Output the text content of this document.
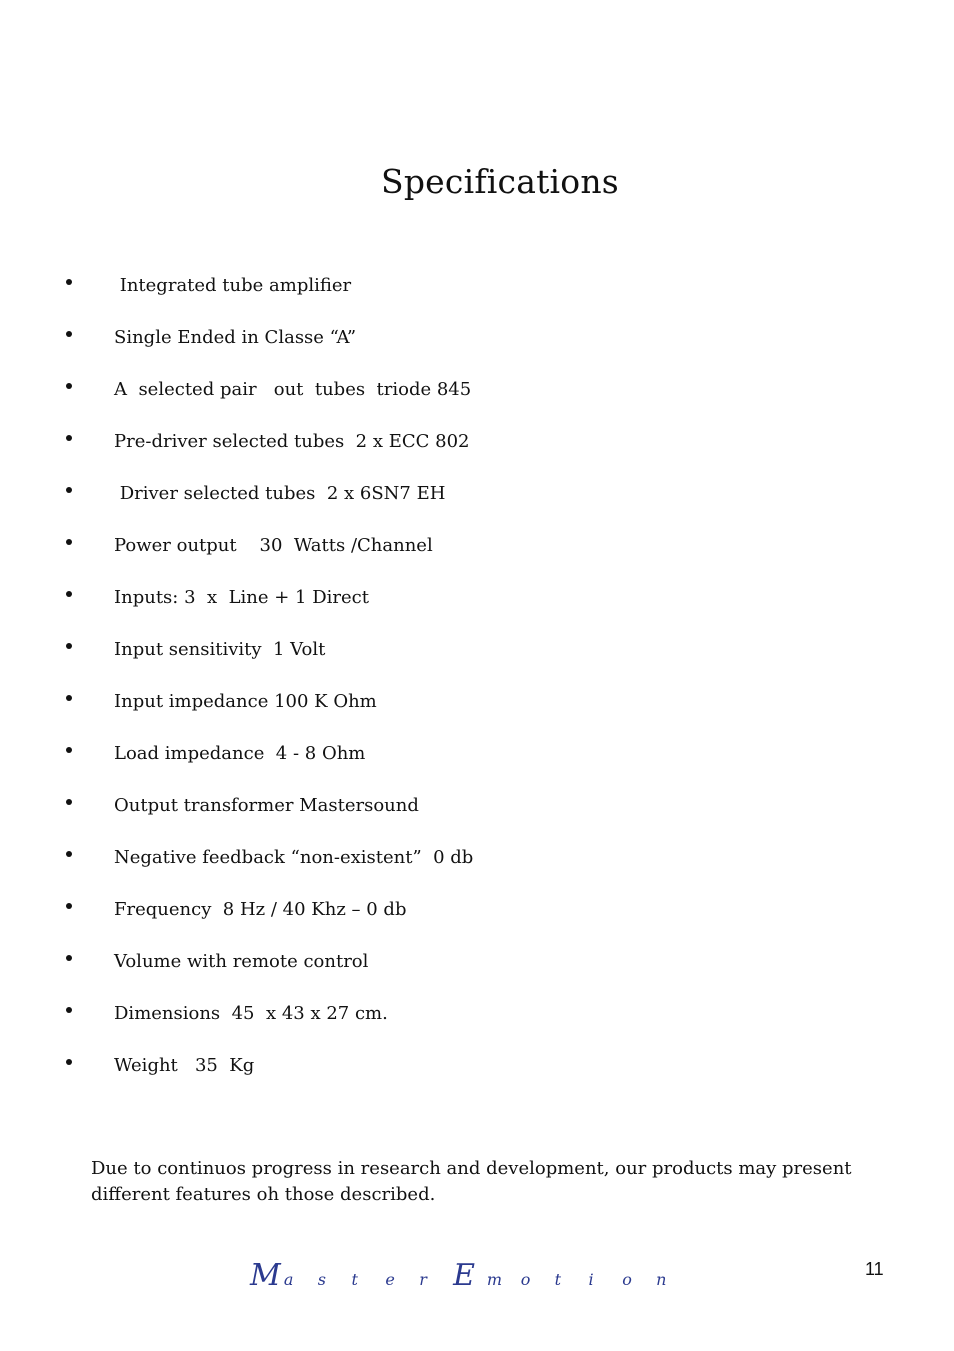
Specifications
Integrated tube amplifier
Single Ended in Classe “A”
A  selected pair   out  tubes  triode 845
Pre-driver selected tubes  2 x ECC 802
Driver selected tubes  2 x 6SN7 EH
Power output    30  Watts /Channel
Inputs: 3  x  Line + 1 Direct
Input sensitivity  1 Volt
Input impedance 100 K Ohm
Load impedance  4 - 8 Ohm
Output transformer Mastersound
Negative feedback “non-existent”  0 db
Frequency  8 Hz / 40 Khz – 0 db
Volume with remote control
Dimensions  45  x 43 x 27 cm.
Weight   35  Kg

Due to continuos progress in research and development, our products may present different features oh those described.

M a s t e r E m o t i o n
11
